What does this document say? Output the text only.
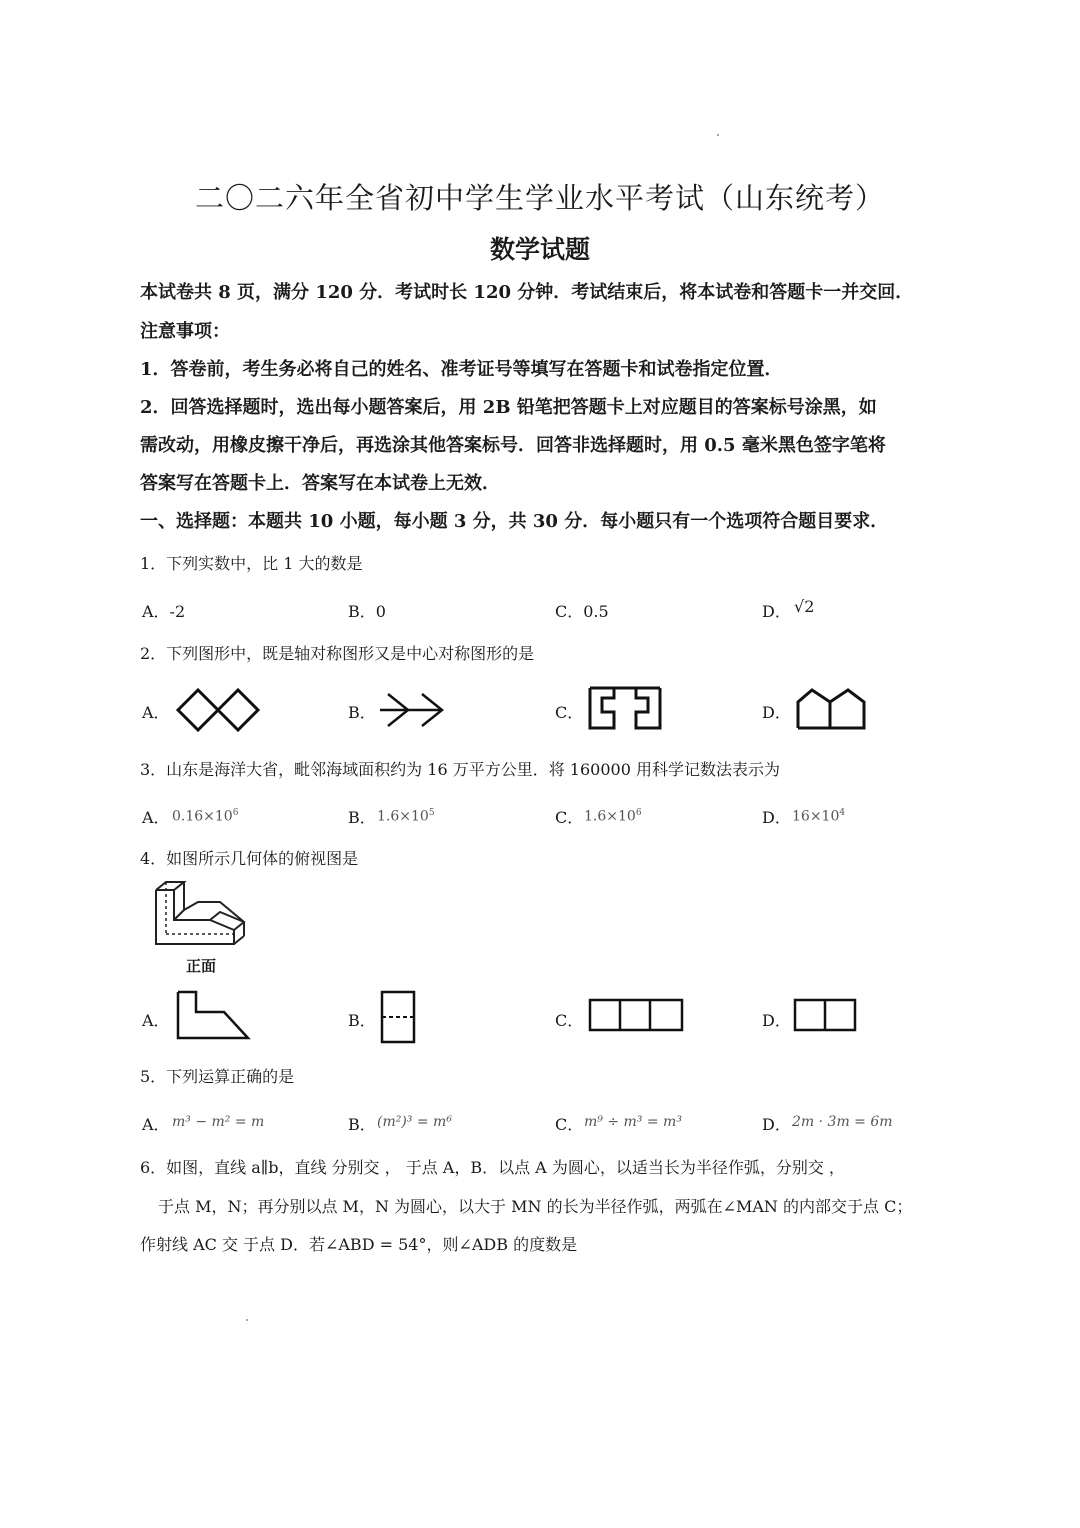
二〇二六年全省初中学生学业水平考试（山东统考）
数学试题
本试卷共 8 页，满分 120 分．考试时长 120 分钟．考试结束后，将本试卷和答题卡一并交回．
注意事项：
1．答卷前，考生务必将自己的姓名、准考证号等填写在答题卡和试卷指定位置．
2．回答选择题时，选出每小题答案后，用 2B 铅笔把答题卡上对应题目的答案标号涂黑，如
需改动，用橡皮擦干净后，再选涂其他答案标号．回答非选择题时，用 0.5 毫米黑色签字笔将
答案写在答题卡上．答案写在本试卷上无效．
一、选择题：本题共 10 小题，每小题 3 分，共 30 分．每小题只有一个选项符合题目要求．
1．下列实数中，比 1 大的数是
A．-2	B．0	C．0.5	D． √2
2．下列图形中，既是轴对称图形又是中心对称图形的是
A．	B．	C．	D．
3．山东是海洋大省，毗邻海域面积约为 16 万平方公里．将 160000 用科学记数法表示为
A． $0.16\times 10^6$	B． $1.6\times 10^5$	C． $1.6\times 10^6$	D． $16\times 10^4$
4．如图所示几何体的俯视图是
正面
A．	B．	C．	D．
5．下列运算正确的是
A． m³ − m² = m	B． (m²)³ = m⁶	C． m⁹ ÷ m³ = m³	D． 2m · 3m = 6m
6．如图，直线 a∥b，直线 分别交 ， 于点 A，B．以点 A 为圆心，以适当长为半径作弧，分别交 ，
于点 M，N；再分别以点 M，N 为圆心，以大于 MN 的长为半径作弧，两弧在∠MAN 的内部交于点 C；
作射线 AC 交 于点 D．若∠ABD = 54°，则∠ADB 的度数是
